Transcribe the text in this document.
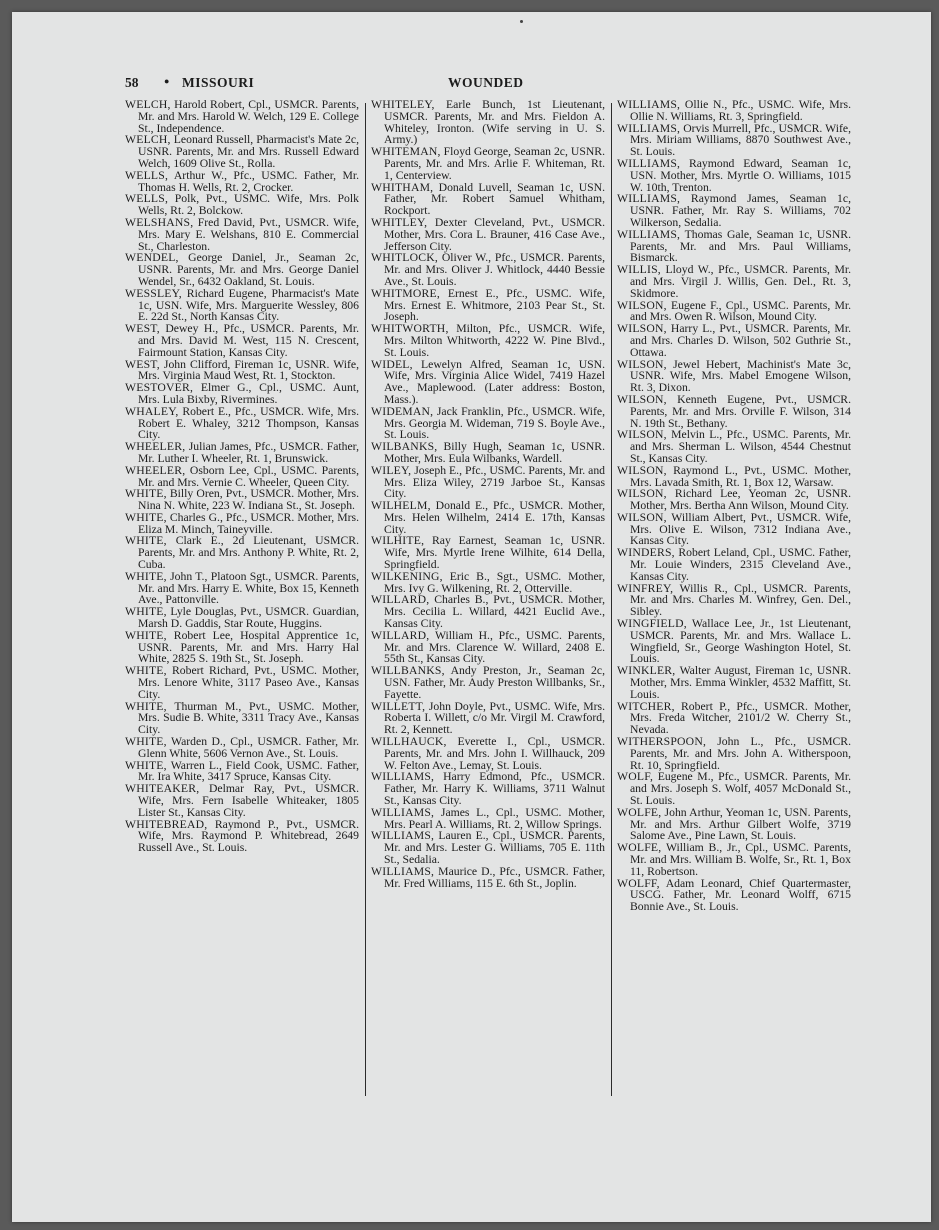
58
●	MISSOURI	WOUNDED
WELCH, Harold Robert, Cpl., USMCR. Parents, Mr. and Mrs. Harold W. Welch, 129 E. College St., Independence.
WELCH, Leonard Russell, Pharmacist's Mate 2c, USNR. Parents, Mr. and Mrs. Russell Edward Welch, 1609 Olive St., Rolla.
WELLS, Arthur W., Pfc., USMC. Father, Mr. Thomas H. Wells, Rt. 2, Crocker.
WELLS, Polk, Pvt., USMC. Wife, Mrs. Polk Wells, Rt. 2, Bolckow.
WELSHANS, Fred David, Pvt., USMCR. Wife, Mrs. Mary E. Welshans, 810 E. Commercial St., Charleston.
WENDEL, George Daniel, Jr., Seaman 2c, USNR. Parents, Mr. and Mrs. George Daniel Wendel, Sr., 6432 Oakland, St. Louis.
WESSLEY, Richard Eugene, Pharmacist's Mate 1c, USN. Wife, Mrs. Marguerite Wessley, 806 E. 22d St., North Kansas City.
WEST, Dewey H., Pfc., USMCR. Parents, Mr. and Mrs. David M. West, 115 N. Crescent, Fairmount Station, Kansas City.
WEST, John Clifford, Fireman 1c, USNR. Wife, Mrs. Virginia Maud West, Rt. 1, Stockton.
WESTOVER, Elmer G., Cpl., USMC. Aunt, Mrs. Lula Bixby, Rivermines.
WHALEY, Robert E., Pfc., USMCR. Wife, Mrs. Robert E. Whaley, 3212 Thompson, Kansas City.
WHEELER, Julian James, Pfc., USMCR. Father, Mr. Luther I. Wheeler, Rt. 1, Brunswick.
WHEELER, Osborn Lee, Cpl., USMC. Parents, Mr. and Mrs. Vernie C. Wheeler, Queen City.
WHITE, Billy Oren, Pvt., USMCR. Mother, Mrs. Nina N. White, 223 W. Indiana St., St. Joseph.
WHITE, Charles G., Pfc., USMCR. Mother, Mrs. Eliza M. Minch, Taineyville.
WHITE, Clark E., 2d Lieutenant, USMCR. Parents, Mr. and Mrs. Anthony P. White, Rt. 2, Cuba.
WHITE, John T., Platoon Sgt., USMCR. Parents, Mr. and Mrs. Harry E. White, Box 15, Kenneth Ave., Pattonville.
WHITE, Lyle Douglas, Pvt., USMCR. Guardian, Marsh D. Gaddis, Star Route, Huggins.
WHITE, Robert Lee, Hospital Apprentice 1c, USNR. Parents, Mr. and Mrs. Harry Hal White, 2825 S. 19th St., St. Joseph.
WHITE, Robert Richard, Pvt., USMC. Mother, Mrs. Lenore White, 3117 Paseo Ave., Kansas City.
WHITE, Thurman M., Pvt., USMC. Mother, Mrs. Sudie B. White, 3311 Tracy Ave., Kansas City.
WHITE, Warden D., Cpl., USMCR. Father, Mr. Glenn White, 5606 Vernon Ave., St. Louis.
WHITE, Warren L., Field Cook, USMC. Father, Mr. Ira White, 3417 Spruce, Kansas City.
WHITEAKER, Delmar Ray, Pvt., USMCR. Wife, Mrs. Fern Isabelle Whiteaker, 1805 Lister St., Kansas City.
WHITEBREAD, Raymond P., Pvt., USMCR. Wife, Mrs. Raymond P. Whitebread, 2649 Russell Ave., St. Louis.
WHITELEY, Earle Bunch, 1st Lieutenant, USMCR. Parents, Mr. and Mrs. Fieldon A. Whiteley, Ironton. (Wife serving in U. S. Army.)
WHITEMAN, Floyd George, Seaman 2c, USNR. Parents, Mr. and Mrs. Arlie F. Whiteman, Rt. 1, Centerview.
WHITHAM, Donald Luvell, Seaman 1c, USN. Father, Mr. Robert Samuel Whitham, Rockport.
WHITLEY, Dexter Cleveland, Pvt., USMCR. Mother, Mrs. Cora L. Brauner, 416 Case Ave., Jefferson City.
WHITLOCK, Oliver W., Pfc., USMCR. Parents, Mr. and Mrs. Oliver J. Whitlock, 4440 Bessie Ave., St. Louis.
WHITMORE, Ernest E., Pfc., USMC. Wife, Mrs. Ernest E. Whitmore, 2103 Pear St., St. Joseph.
WHITWORTH, Milton, Pfc., USMCR. Wife, Mrs. Milton Whitworth, 4222 W. Pine Blvd., St. Louis.
WIDEL, Lewelyn Alfred, Seaman 1c, USN. Wife, Mrs. Virginia Alice Widel, 7419 Hazel Ave., Maplewood. (Later address: Boston, Mass.).
WIDEMAN, Jack Franklin, Pfc., USMCR. Wife, Mrs. Georgia M. Wideman, 719 S. Boyle Ave., St. Louis.
WILBANKS, Billy Hugh, Seaman 1c, USNR. Mother, Mrs. Eula Wilbanks, Wardell.
WILEY, Joseph E., Pfc., USMC. Parents, Mr. and Mrs. Eliza Wiley, 2719 Jarboe St., Kansas City.
WILHELM, Donald E., Pfc., USMCR. Mother, Mrs. Helen Wilhelm, 2414 E. 17th, Kansas City.
WILHITE, Ray Earnest, Seaman 1c, USNR. Wife, Mrs. Myrtle Irene Wilhite, 614 Della, Springfield.
WILKENING, Eric B., Sgt., USMC. Mother, Mrs. Ivy G. Wilkening, Rt. 2, Otterville.
WILLARD, Charles B., Pvt., USMCR. Mother, Mrs. Cecilia L. Willard, 4421 Euclid Ave., Kansas City.
WILLARD, William H., Pfc., USMC. Parents, Mr. and Mrs. Clarence W. Willard, 2408 E. 55th St., Kansas City.
WILLBANKS, Andy Preston, Jr., Seaman 2c, USN. Father, Mr. Audy Preston Willbanks, Sr., Fayette.
WILLETT, John Doyle, Pvt., USMC. Wife, Mrs. Roberta I. Willett, c/o Mr. Virgil M. Crawford, Rt. 2, Kennett.
WILLHAUCK, Everette I., Cpl., USMCR. Parents, Mr. and Mrs. John I. Willhauck, 209 W. Felton Ave., Lemay, St. Louis.
WILLIAMS, Harry Edmond, Pfc., USMCR. Father, Mr. Harry K. Williams, 3711 Walnut St., Kansas City.
WILLIAMS, James L., Cpl., USMC. Mother, Mrs. Pearl A. Williams, Rt. 2, Willow Springs.
WILLIAMS, Lauren E., Cpl., USMCR. Parents, Mr. and Mrs. Lester G. Williams, 705 E. 11th St., Sedalia.
WILLIAMS, Maurice D., Pfc., USMCR. Father, Mr. Fred Williams, 115 E. 6th St., Joplin.
WILLIAMS, Ollie N., Pfc., USMC. Wife, Mrs. Ollie N. Williams, Rt. 3, Springfield.
WILLIAMS, Orvis Murrell, Pfc., USMCR. Wife, Mrs. Miriam Williams, 8870 Southwest Ave., St. Louis.
WILLIAMS, Raymond Edward, Seaman 1c, USN. Mother, Mrs. Myrtle O. Williams, 1015 W. 10th, Trenton.
WILLIAMS, Raymond James, Seaman 1c, USNR. Father, Mr. Ray S. Williams, 702 Wilkerson, Sedalia.
WILLIAMS, Thomas Gale, Seaman 1c, USNR. Parents, Mr. and Mrs. Paul Williams, Bismarck.
WILLIS, Lloyd W., Pfc., USMCR. Parents, Mr. and Mrs. Virgil J. Willis, Gen. Del., Rt. 3, Skidmore.
WILSON, Eugene F., Cpl., USMC. Parents, Mr. and Mrs. Owen R. Wilson, Mound City.
WILSON, Harry L., Pvt., USMCR. Parents, Mr. and Mrs. Charles D. Wilson, 502 Guthrie St., Ottawa.
WILSON, Jewel Hebert, Machinist's Mate 3c, USNR. Wife, Mrs. Mabel Emogene Wilson, Rt. 3, Dixon.
WILSON, Kenneth Eugene, Pvt., USMCR. Parents, Mr. and Mrs. Orville F. Wilson, 314 N. 19th St., Bethany.
WILSON, Melvin L., Pfc., USMC. Parents, Mr. and Mrs. Sherman L. Wilson, 4544 Chestnut St., Kansas City.
WILSON, Raymond L., Pvt., USMC. Mother, Mrs. Lavada Smith, Rt. 1, Box 12, Warsaw.
WILSON, Richard Lee, Yeoman 2c, USNR. Mother, Mrs. Bertha Ann Wilson, Mound City.
WILSON, William Albert, Pvt., USMCR. Wife, Mrs. Olive E. Wilson, 7312 Indiana Ave., Kansas City.
WINDERS, Robert Leland, Cpl., USMC. Father, Mr. Louie Winders, 2315 Cleveland Ave., Kansas City.
WINFREY, Willis R., Cpl., USMCR. Parents, Mr. and Mrs. Charles M. Winfrey, Gen. Del., Sibley.
WINGFIELD, Wallace Lee, Jr., 1st Lieutenant, USMCR. Parents, Mr. and Mrs. Wallace L. Wingfield, Sr., George Washington Hotel, St. Louis.
WINKLER, Walter August, Fireman 1c, USNR. Mother, Mrs. Emma Winkler, 4532 Maffitt, St. Louis.
WITCHER, Robert P., Pfc., USMCR. Mother, Mrs. Freda Witcher, 2101/2 W. Cherry St., Nevada.
WITHERSPOON, John L., Pfc., USMCR. Parents, Mr. and Mrs. John A. Witherspoon, Rt. 10, Springfield.
WOLF, Eugene M., Pfc., USMCR. Parents, Mr. and Mrs. Joseph S. Wolf, 4057 McDonald St., St. Louis.
WOLFE, John Arthur, Yeoman 1c, USN. Parents, Mr. and Mrs. Arthur Gilbert Wolfe, 3719 Salome Ave., Pine Lawn, St. Louis.
WOLFE, William B., Jr., Cpl., USMC. Parents, Mr. and Mrs. William B. Wolfe, Sr., Rt. 1, Box 11, Robertson.
WOLFF, Adam Leonard, Chief Quartermaster, USCG. Father, Mr. Leonard Wolff, 6715 Bonnie Ave., St. Louis.
